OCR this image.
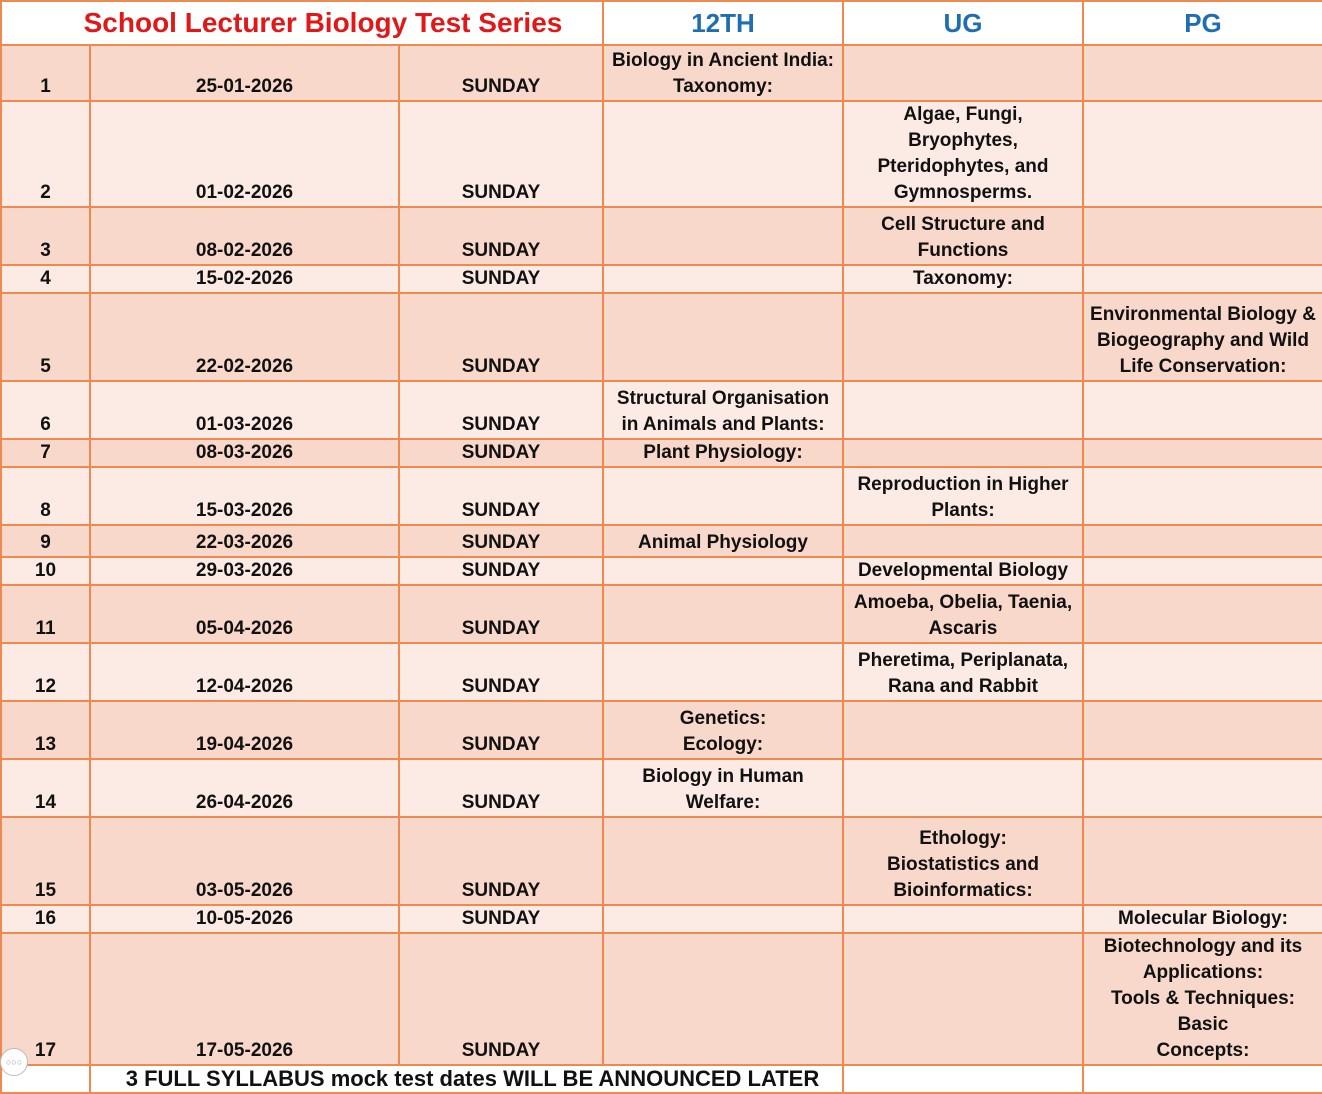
School Lecturer Biology Test Series			12TH	UG	PG
1	25-01-2026	SUNDAY	Biology in Ancient India:
Taxonomy:		
2	01-02-2026	SUNDAY		Algae, Fungi, Bryophytes,
Pteridophytes, and
Gymnosperms.	
3	08-02-2026	SUNDAY		Cell Structure and
Functions	
4	15-02-2026	SUNDAY		Taxonomy:	
5	22-02-2026	SUNDAY			Environmental Biology &
Biogeography and Wild
Life Conservation:
6	01-03-2026	SUNDAY	Structural Organisation
in Animals and Plants:		
7	08-03-2026	SUNDAY	Plant Physiology:		
8	15-03-2026	SUNDAY		Reproduction in Higher
Plants:	
9	22-03-2026	SUNDAY	Animal Physiology		
10	29-03-2026	SUNDAY		Developmental Biology	
11	05-04-2026	SUNDAY		Amoeba, Obelia, Taenia,
Ascaris	
12	12-04-2026	SUNDAY		Pheretima, Periplanata,
Rana and Rabbit	
13	19-04-2026	SUNDAY	Genetics:
Ecology:		
14	26-04-2026	SUNDAY	Biology in Human
Welfare:		
15	03-05-2026	SUNDAY		Ethology:
Biostatistics and
Bioinformatics:	
16	10-05-2026	SUNDAY			Molecular Biology:
17	17-05-2026	SUNDAY			Biotechnology and its
Applications:
Tools & Techniques: Basic
Concepts:
	3 FULL SYLLABUS mock test dates WILL BE ANNOUNCED LATER				
○○○
